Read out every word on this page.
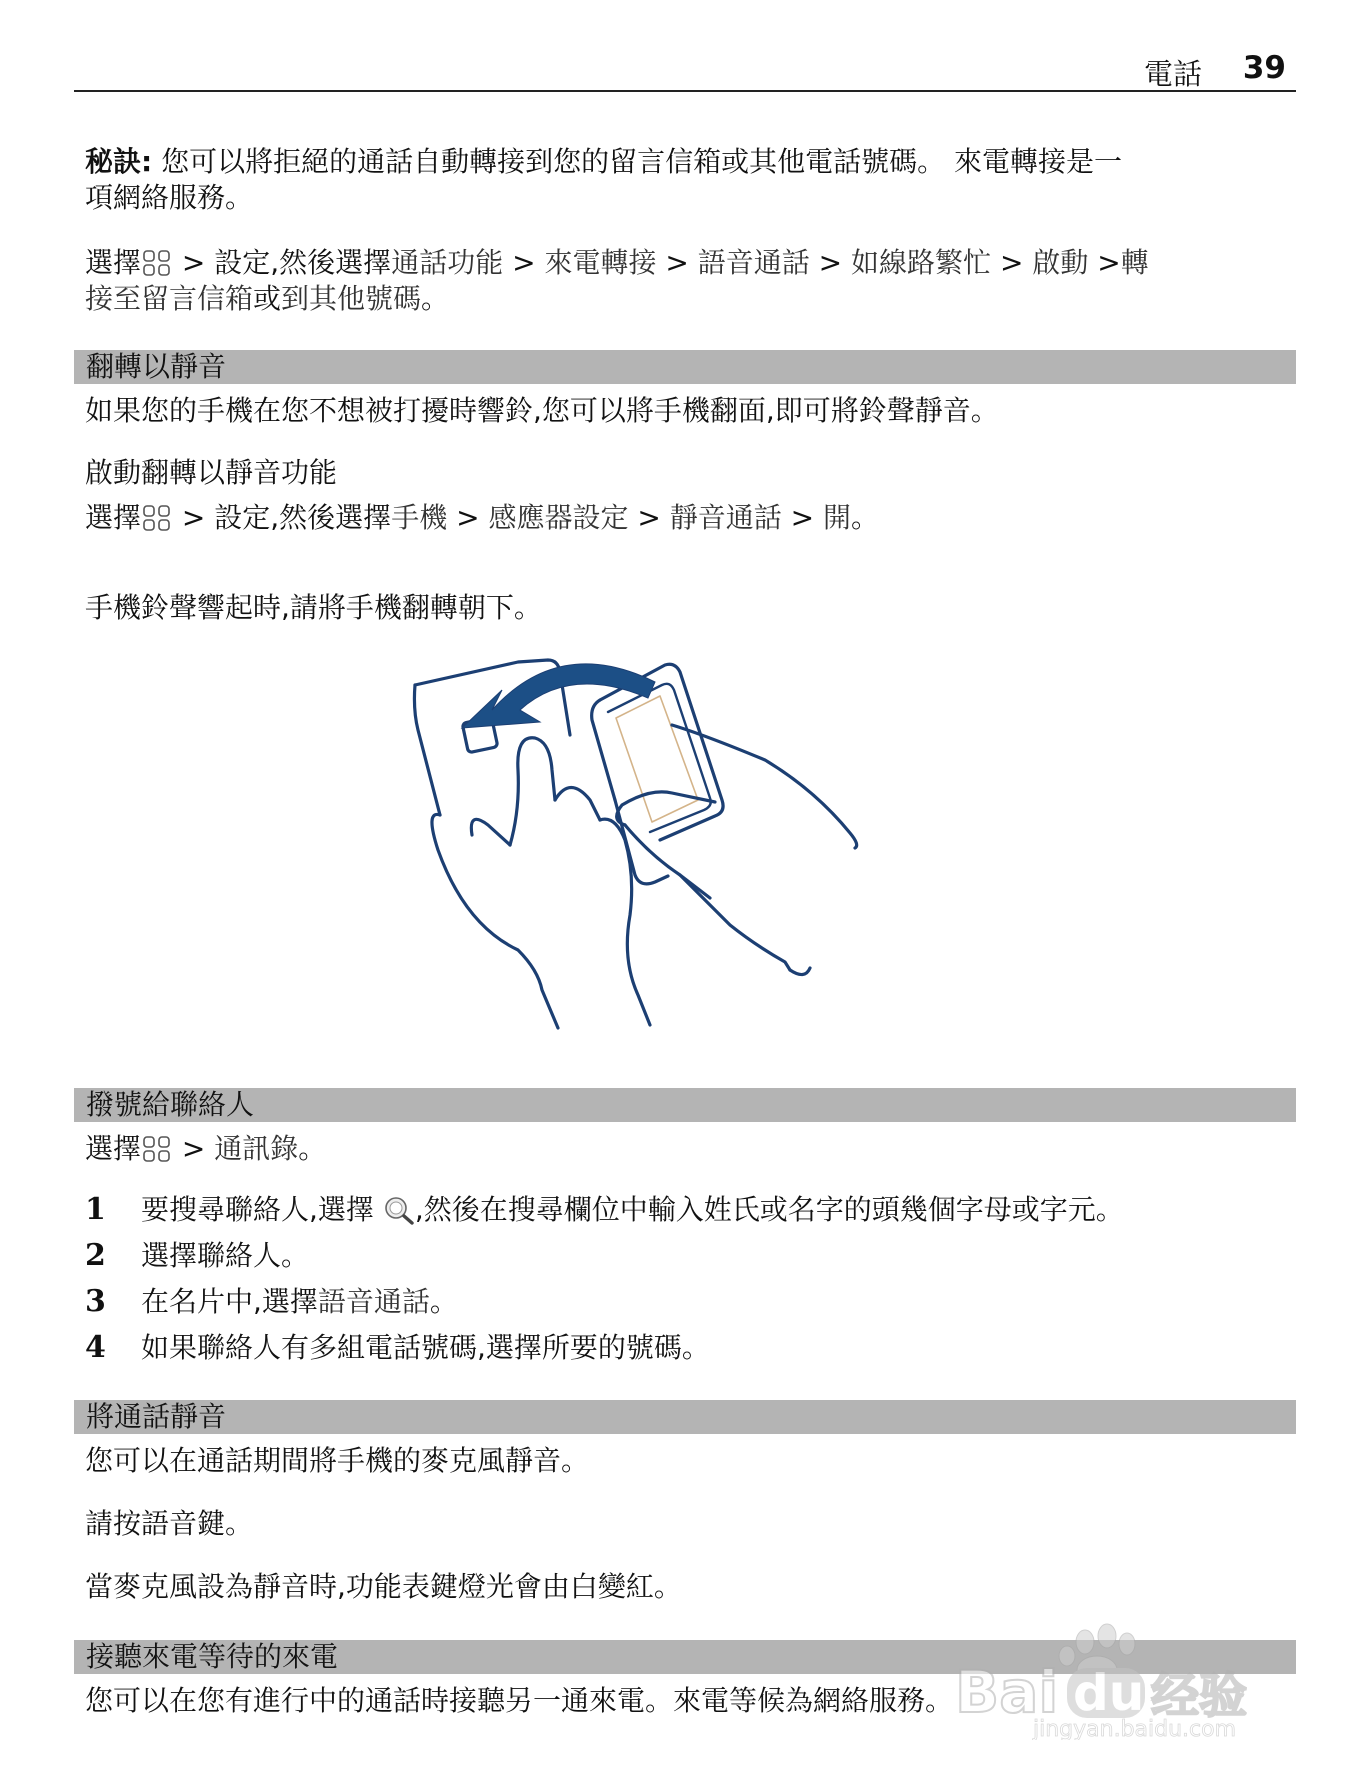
電話 39

秘訣: 您可以將拒絕的通話自動轉接到您的留言信箱或其他電話號碼。 來電轉接是一
項網絡服務。

選擇 > 設定,然後選擇通話功能 > 來電轉接 > 語音通話 > 如線路繁忙 > 啟動 >轉
接至留言信箱或到其他號碼。

翻轉以靜音

如果您的手機在您不想被打擾時響鈴,您可以將手機翻面,即可將鈴聲靜音。

啟動翻轉以靜音功能

選擇 > 設定,然後選擇手機 > 感應器設定 > 靜音通話 > 開。

手機鈴聲響起時,請將手機翻轉朝下。

撥號給聯絡人

選擇 > 通訊錄。

1 要搜尋聯絡人,選擇 ,然後在搜尋欄位中輸入姓氏或名字的頭幾個字母或字元。

2 選擇聯絡人。

3 在名片中,選擇語音通話。

4 如果聯絡人有多組電話號碼,選擇所要的號碼。

將通話靜音

您可以在通話期間將手機的麥克風靜音。

請按語音鍵。

當麥克風設為靜音時,功能表鍵燈光會由白變紅。

接聽來電等待的來電

您可以在您有進行中的通話時接聽另一通來電。來電等候為網絡服務。 Bai du 经验
jingyan.baidu.com
